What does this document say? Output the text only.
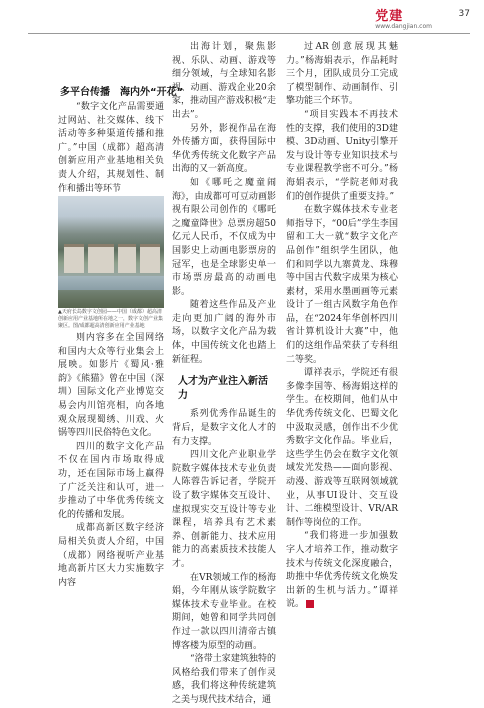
党建
www.dangjian.com
37
多平台传播　海内外“开花”

“数字文化产品需要通过网站、社交媒体、线下活动等多种渠道传播和推广。”中国（成都）超高清创新应用产业基地相关负责人介绍，其规划性、制作和播出等环节

▲天府长岛数字文创园——中国（成都）超高清创新应用产业基地所在地之一，数字文创产业集聚区。图/成都超高清创新应用产业基地

则内容多在全国网络和国内大众等行业集会上展映。如影片《蜀风·雅韵》《熊猫》曾在中国（深圳）国际文化产业博览交易会内川馆亮相，向各地观众展现蜀绣、川戏、火锅等四川民俗特色文化。

四川的数字文化产品不仅在国内市场取得成功，还在国际市场上赢得了广泛关注和认可，进一步推动了中华优秀传统文化的传播和发展。

成都高新区数字经济局相关负责人介绍，中国（成都）网络视听产业基地高新片区大力实施数字内容

出海计划，聚焦影视、乐队、动画、游戏等细分领域，与全球知名影视、动画、游戏企业20余家，推动国产游戏积极“走出去”。

另外，影视作品在海外传播方面，获得国际中华优秀传统文化数字产品出海的又一新高度。

如《哪吒之魔童闹海》，由成都可可豆动画影视有限公司创作的《哪吒之魔童降世》总票房超50亿元人民币，不仅成为中国影史上动画电影票房的冠军，也是全球影史单一市场票房最高的动画电影。

随着这些作品及产业走向更加广阔的海外市场，以数字文化产品为载体，中国传统文化也踏上新征程。

人才为产业注入新活力

系列优秀作品诞生的背后，是数字文化人才的有力支撑。

四川文化产业职业学院数字媒体技术专业负责人陈蓉告诉记者，学院开设了数字媒体交互设计、虚拟现实交互设计等专业课程，培养具有艺术素养、创新能力、技术应用能力的高素质技术技能人才。

在VR领域工作的杨海娟，今年刚从该学院数字媒体技术专业毕业。在校期间，她曾和同学共同创作过一款以四川清帝古镇博客楼为原型的动画。

“洛带土家建筑独特的风格给我们带来了创作灵感，我们将这种传统建筑之美与现代技术结合，通

过AR创意展现其魅力。”杨海娟表示，作品耗时三个月，团队成员分工完成了模型制作、动画制作、引擎功能三个环节。

“项目实践本不再技术性的支撑，我们使用的3D建模、3D动画、Unity引擎开发与设计等专业知识技术与专业课程教学密不可分。”杨海娟表示，“学院老师对我们的创作提供了重要支持。”

在数字媒体技术专业老师指导下，“00后”学生李国留和工大一就“数字文化产品创作”组织学生团队，他们和同学以九寨黄龙、珠穆等中国古代数字成果为核心素材，采用水墨画画等元素设计了一组古风数字角色作品，在“2024年华创杯四川省计算机设计大赛”中，他们的这组作品荣获了专科组二等奖。

谭祥表示，学院还有很多像李国等、杨海娟这样的学生。在校期间，他们从中华优秀传统文化、巴蜀文化中汲取灵感，创作出不少优秀数字文化作品。毕业后，这些学生仍会在数字文化领域发光发热——面向影视、动漫、游戏等互联网领域就业，从事UI设计、交互设计、二维模型设计、VR/AR制作等岗位的工作。

“我们将进一步加强数字人才培养工作，推动数字技术与传统文化深度融合，助推中华优秀传统文化焕发出新的生机与活力。”谭祥说。
